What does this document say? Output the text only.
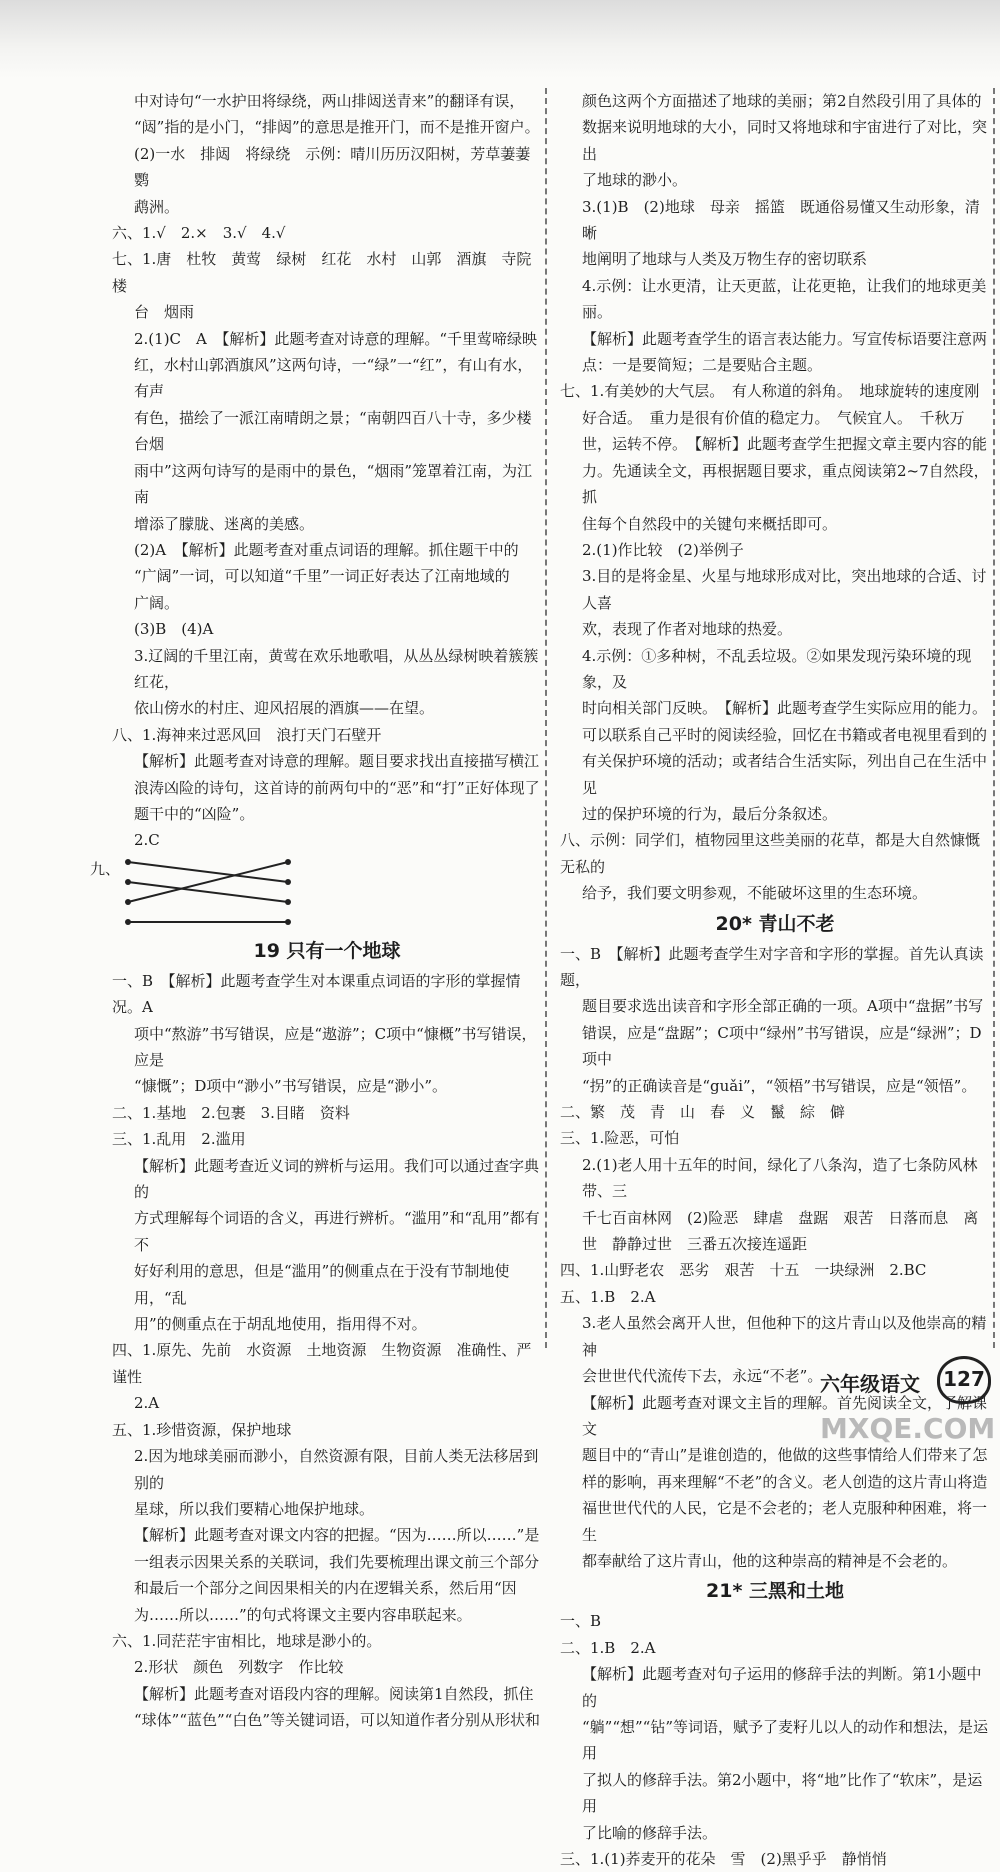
中对诗句“一水护田将绿绕，两山排闼送青来”的翻译有误，
“闼”指的是小门，“排闼”的意思是推开门，而不是推开窗户。
(2)一水　排闼　将绿绕　示例：晴川历历汉阳树，芳草萋萋鹦
鹉洲。
六、1.√　2.×　3.√　4.√
七、1.唐　杜牧　黄莺　绿树　红花　水村　山郭　酒旗　寺院　楼
台　烟雨
2.(1)C　A　【解析】此题考查对诗意的理解。“千里莺啼绿映
红，水村山郭酒旗风”这两句诗，一“绿”一“红”，有山有水，有声
有色，描绘了一派江南晴朗之景；“南朝四百八十寺，多少楼台烟
雨中”这两句诗写的是雨中的景色，“烟雨”笼罩着江南，为江南
增添了朦胧、迷离的美感。
(2)A　【解析】此题考查对重点词语的理解。抓住题干中的
“广阔”一词，可以知道“千里”一词正好表达了江南地域的
广阔。
(3)B　(4)A
3.辽阔的千里江南，黄莺在欢乐地歌唱，从丛丛绿树映着簇簇红花，
依山傍水的村庄、迎风招展的酒旗——在望。
八、1.海神来过恶风回　浪打天门石壁开
【解析】此题考查对诗意的理解。题目要求找出直接描写横江
浪涛凶险的诗句，这首诗的前两句中的“恶”和“打”正好体现了
题干中的“凶险”。
2.C
九、
19 只有一个地球
一、B　【解析】此题考查学生对本课重点词语的字形的掌握情况。A
项中“熬游”书写错误，应是“遨游”；C项中“慷概”书写错误，应是
“慷慨”；D项中“渺小”书写错误，应是“渺小”。
二、1.基地　2.包裹　3.目睹　资料
三、1.乱用　2.滥用
【解析】此题考查近义词的辨析与运用。我们可以通过查字典的
方式理解每个词语的含义，再进行辨析。“滥用”和“乱用”都有不
好好利用的意思，但是“滥用”的侧重点在于没有节制地使用，“乱
用”的侧重点在于胡乱地使用，指用得不对。
四、1.原先、先前　水资源　土地资源　生物资源　准确性、严谨性
2.A
五、1.珍惜资源，保护地球
2.因为地球美丽而渺小，自然资源有限，目前人类无法移居到别的
星球，所以我们要精心地保护地球。
【解析】此题考查对课文内容的把握。“因为……所以……”是
一组表示因果关系的关联词，我们先要梳理出课文前三个部分
和最后一个部分之间因果相关的内在逻辑关系，然后用“因
为……所以……”的句式将课文主要内容串联起来。
六、1.同茫茫宇宙相比，地球是渺小的。
2.形状　颜色　列数字　作比较
【解析】此题考查对语段内容的理解。阅读第1自然段，抓住
“球体”“蓝色”“白色”等关键词语，可以知道作者分别从形状和
颜色这两个方面描述了地球的美丽；第2自然段引用了具体的
数据来说明地球的大小，同时又将地球和宇宙进行了对比，突出
了地球的渺小。
3.(1)B　(2)地球　母亲　摇篮　既通俗易懂又生动形象，清晰
地阐明了地球与人类及万物生存的密切联系
4.示例：让水更清，让天更蓝，让花更艳，让我们的地球更美丽。
【解析】此题考查学生的语言表达能力。写宣传标语要注意两
点：一是要简短；二是要贴合主题。
七、1.有美妙的大气层。　有人称道的斜角。　地球旋转的速度刚
好合适。　重力是很有价值的稳定力。　气候宜人。　千秋万
世，运转不停。　【解析】此题考查学生把握文章主要内容的能
力。先通读全文，再根据题目要求，重点阅读第2~7自然段，抓
住每个自然段中的关键句来概括即可。
2.(1)作比较　(2)举例子
3.目的是将金星、火星与地球形成对比，突出地球的合适、讨人喜
欢，表现了作者对地球的热爱。
4.示例：①多种树，不乱丢垃圾。②如果发现污染环境的现象，及
时向相关部门反映。　【解析】此题考查学生实际应用的能力。
可以联系自己平时的阅读经验，回忆在书籍或者电视里看到的
有关保护环境的活动；或者结合生活实际，列出自己在生活中见
过的保护环境的行为，最后分条叙述。
八、示例：同学们，植物园里这些美丽的花草，都是大自然慷慨无私的
给予，我们要文明参观，不能破坏这里的生态环境。
20* 青山不老
一、B　【解析】此题考查学生对字音和字形的掌握。首先认真读题，
题目要求选出读音和字形全部正确的一项。A项中“盘据”书写
错误，应是“盘踞”；C项中“绿州”书写错误，应是“绿洲”；D项中
“拐”的正确读音是“guǎi”，“领梧”书写错误，应是“领悟”。
二、繁　茂　青　山　春　义　鬣　綜　僻
三、1.险恶，可怕
2.(1)老人用十五年的时间，绿化了八条沟，造了七条防风林带、三
千七百亩林网　(2)险恶　肆虐　盘踞　艰苦　日落而息　离
世　静静过世　三番五次接连遥距
四、1.山野老农　恶劣　艰苦　十五　一块绿洲　2.BC
五、1.B　2.A
3.老人虽然会离开人世，但他种下的这片青山以及他崇高的精神
会世世代代流传下去，永远“不老”。
【解析】此题考查对课文主旨的理解。首先阅读全文，了解课文
题目中的“青山”是谁创造的，他做的这些事情给人们带来了怎
样的影响，再来理解“不老”的含义。老人创造的这片青山将造
福世世代代的人民，它是不会老的；老人克服种种困难，将一生
都奉献给了这片青山，他的这种崇高的精神是不会老的。
21* 三黑和土地
一、B
二、1.B　2.A
【解析】此题考查对句子运用的修辞手法的判断。第1小题中的
“躺”“想”“钻”等词语，赋予了麦籽儿以人的动作和想法，是运用
了拟人的修辞手法。第2小题中，将“地”比作了“软床”，是运用
了比喻的修辞手法。
三、1.(1)荞麦开的花朵　雪　(2)黑乎乎　静悄悄
六年级语文	127
MXQE.COM
